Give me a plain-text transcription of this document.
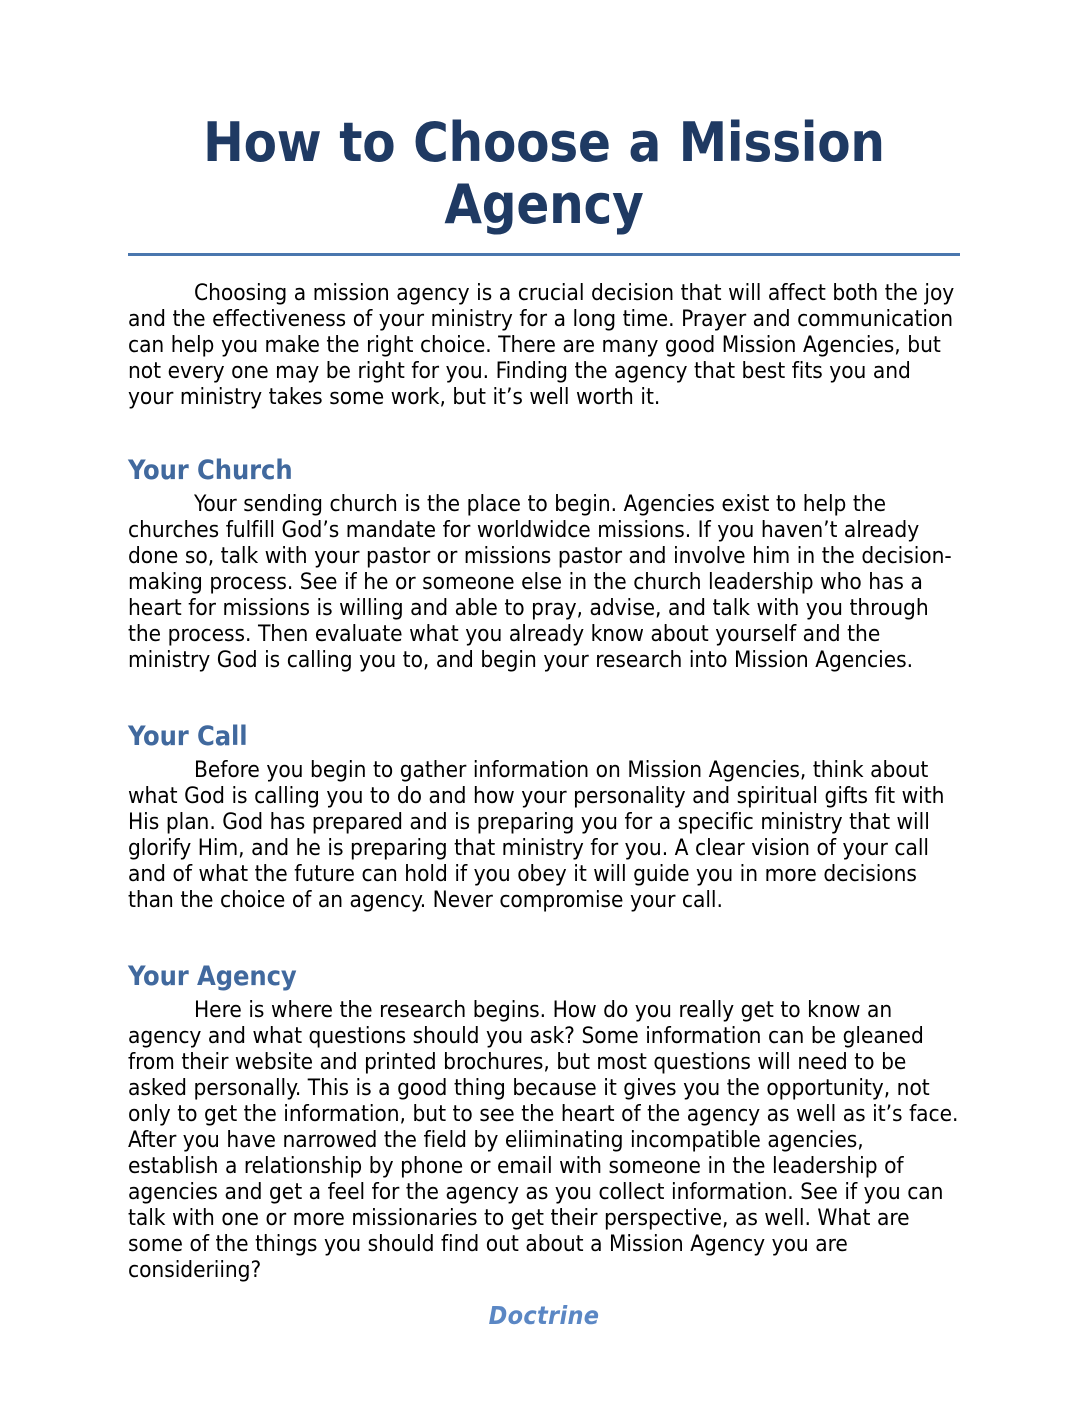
How to Choose a Mission Agency

Choosing a mission agency is a crucial decision that will affect both the joy and the effectiveness of your ministry for a long time. Prayer and communication can help you make the right choice. There are many good Mission Agencies, but not every one may be right for you. Finding the agency that best fits you and your ministry takes some work, but it’s well worth it.

Your Church

Your sending church is the place to begin. Agencies exist to help the churches fulfill God’s mandate for worldwidce missions. If you haven’t already done so, talk with your pastor or missions pastor and involve him in the decision-making process. See if he or someone else in the church leadership who has a heart for missions is willing and able to pray, advise, and talk with you through the process. Then evaluate what you already know about yourself and the ministry God is calling you to, and begin your research into Mission Agencies.

Your Call

Before you begin to gather information on Mission Agencies, think about what God is calling you to do and how your personality and spiritual gifts fit with His plan. God has prepared and is preparing you for a specific ministry that will glorify Him, and he is preparing that ministry for you. A clear vision of your call and of what the future can hold if you obey it will guide you in more decisions than the choice of an agency. Never compromise your call.

Your Agency

Here is where the research begins. How do you really get to know an agency and what questions should you ask? Some information can be gleaned from their website and printed brochures, but most questions will need to be asked personally. This is a good thing because it gives you the opportunity, not only to get the information, but to see the heart of the agency as well as it’s face. After you have narrowed the field by eliiminating incompatible agencies, establish a relationship by phone or email with someone in the leadership of agencies and get a feel for the agency as you collect information. See if you can talk with one or more missionaries to get their perspective, as well. What are some of the things you should find out about a Mission Agency you are consideriing?

Doctrine
